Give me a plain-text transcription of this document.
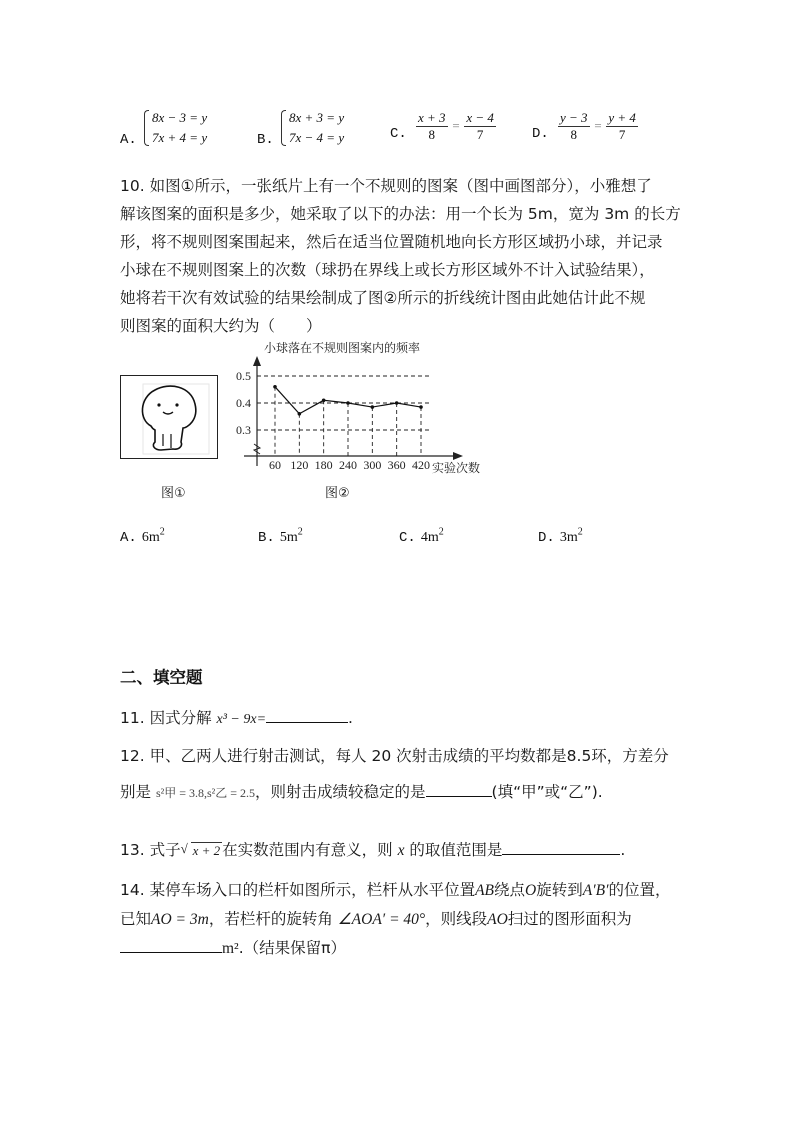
A.
8x − 3 = y
7x + 4 = y	B.
8x + 3 = y
7x − 4 = y	C. $\frac{x + 3}{8} = \frac{x - 4}{7}$	D. $\frac{y - 3}{8} = \frac{y + 4}{7}$
10. 如图①所示，一张纸片上有一个不规则的图案（图中画图部分），小雅想了
解该图案的面积是多少，她采取了以下的办法：用一个长为 5m，宽为 3m 的长方
形，将不规则图案围起来，然后在适当位置随机地向长方形区域扔小球，并记录
小球在不规则图案上的次数（球扔在界线上或长方形区域外不计入试验结果），
她将若干次有效试验的结果绘制成了图②所示的折线统计图由此她估计此不规
则图案的面积大约为（　　）
图①
小球落在不规则图案内的频率
0.3
0.4
0.5
60 120 180 240 300 360 420 实验次数
图②
A. $6m^2$	B. $5m^2$	C. $4m^2$	D. $3m^2$
二、填空题
11. 因式分解 x³ − 9x=	.
12. 甲、乙两人进行射击测试，每人 20 次射击成绩的平均数都是8.5环，方差分
别是 s²甲 = 3.8,s²乙 = 2.5，则射击成绩较稳定的是	(填“甲”或“乙”).
13. 式子 √ x + 2 在实数范围内有意义，则 x 的取值范围是	.
14. 某停车场入口的栏杆如图所示，栏杆从水平位置AB绕点O旋转到A′B′的位置，
已知AO = 3m，若栏杆的旋转角 ∠AOA′ = 40°，则线段AO扫过的图形面积为
m².（结果保留π）
